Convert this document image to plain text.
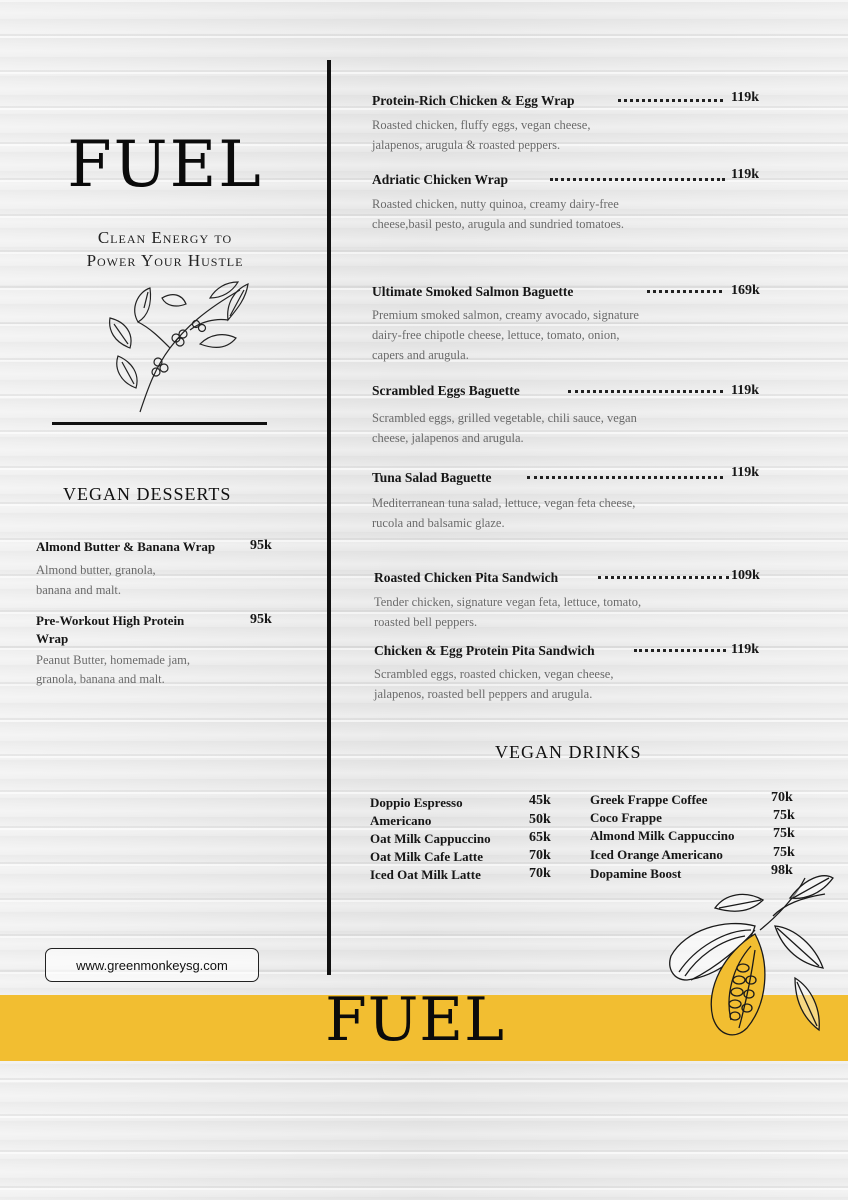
FUEL
Clean Energy to
Power Your Hustle
VEGAN DESSERTS
Almond Butter & Banana Wrap 95k
Almond butter, granola,
banana and malt.
Pre-Workout High Protein
Wrap
95k
Peanut Butter, homemade jam,
granola, banana and malt.
www.greenmonkeysg.com
Protein-Rich Chicken & Egg Wrap	119k
Roasted chicken, fluffy eggs, vegan cheese,
jalapenos, arugula & roasted peppers.
Adriatic Chicken Wrap	119k
Roasted chicken, nutty quinoa, creamy dairy-free
cheese,basil pesto, arugula and sundried tomatoes.
Ultimate Smoked Salmon Baguette	169k
Premium smoked salmon, creamy avocado, signature
dairy-free chipotle cheese, lettuce, tomato, onion,
capers and arugula.
Scrambled Eggs Baguette	119k
Scrambled eggs, grilled vegetable, chili sauce, vegan
cheese, jalapenos and arugula.
Tuna Salad Baguette	119k
Mediterranean tuna salad, lettuce, vegan feta cheese,
rucola and balsamic glaze.
Roasted Chicken Pita Sandwich	109k
Tender chicken, signature vegan feta, lettuce, tomato,
roasted bell peppers.
Chicken & Egg Protein Pita Sandwich	119k
Scrambled eggs, roasted chicken, vegan cheese,
jalapenos, roasted bell peppers and arugula.
VEGAN DRINKS
Doppio Espresso	45k
Americano	50k
Oat Milk Cappuccino	65k
Oat Milk Cafe Latte	70k
Iced Oat Milk Latte	70k
Greek Frappe Coffee	70k
Coco Frappe	75k
Almond Milk Cappuccino	75k
Iced Orange Americano	75k
Dopamine Boost	98k
FUEL
